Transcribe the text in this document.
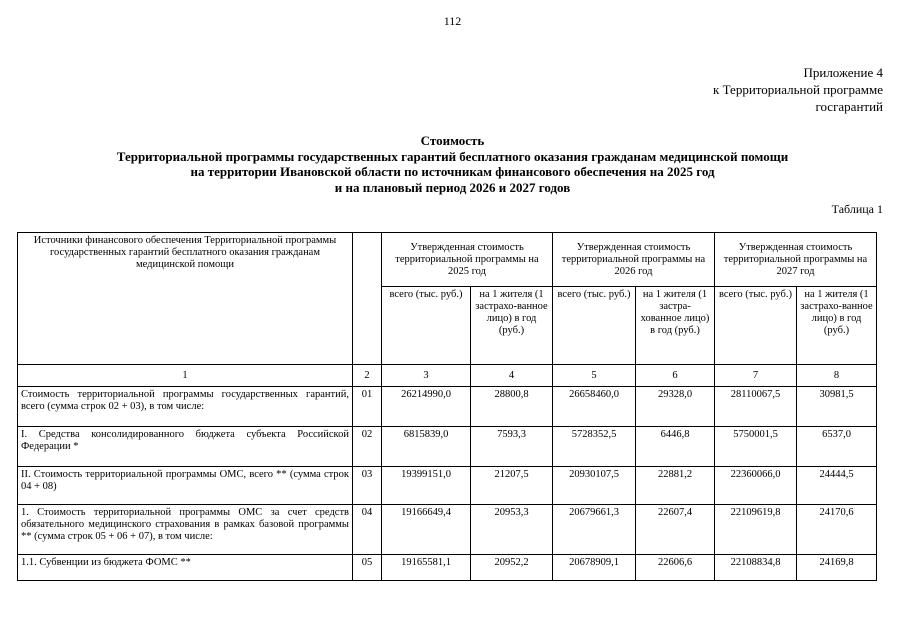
112
Приложение 4
к Территориальной программе
госгарантий
Стоимость
Территориальной программы государственных гарантий бесплатного оказания гражданам медицинской помощи
на территории Ивановской области по источникам финансового обеспечения на 2025 год
и на плановый период 2026 и 2027 годов
Таблица 1
Источники финансового обеспечения Территориальной программы государственных гарантий бесплатного оказания гражданам медицинской помощи		Утвержденная стоимость территориальной программы на 2025 год		Утвержденная стоимость территориальной программы на 2026 год		Утвержденная стоимость территориальной программы на 2027 год	
		всего (тыс. руб.)	на 1 жителя (1 застрахо-ванное лицо) в год (руб.)	всего (тыс. руб.)	на 1 жителя (1 застра-хованное лицо) в год (руб.)	всего (тыс. руб.)	на 1 жителя (1 застрахо-ванное лицо) в год (руб.)
1	2	3	4	5	6	7	8
Стоимость территориальной программы государственных гарантий, всего (сумма строк 02 + 03), в том числе:	01	26214990,0	28800,8	26658460,0	29328,0	28110067,5	30981,5
I. Средства консолидированного бюджета субъекта Российской Федерации *	02	6815839,0	7593,3	5728352,5	6446,8	5750001,5	6537,0
II. Стоимость территориальной программы ОМС, всего ** (сумма строк 04 + 08)	03	19399151,0	21207,5	20930107,5	22881,2	22360066,0	24444,5
1. Стоимость территориальной программы ОМС за счет средств обязательного медицинского страхования в рамках базовой программы ** (сумма строк 05 + 06 + 07), в том числе:	04	19166649,4	20953,3	20679661,3	22607,4	22109619,8	24170,6
1.1. Субвенции из бюджета ФОМС **	05	19165581,1	20952,2	20678909,1	22606,6	22108834,8	24169,8
